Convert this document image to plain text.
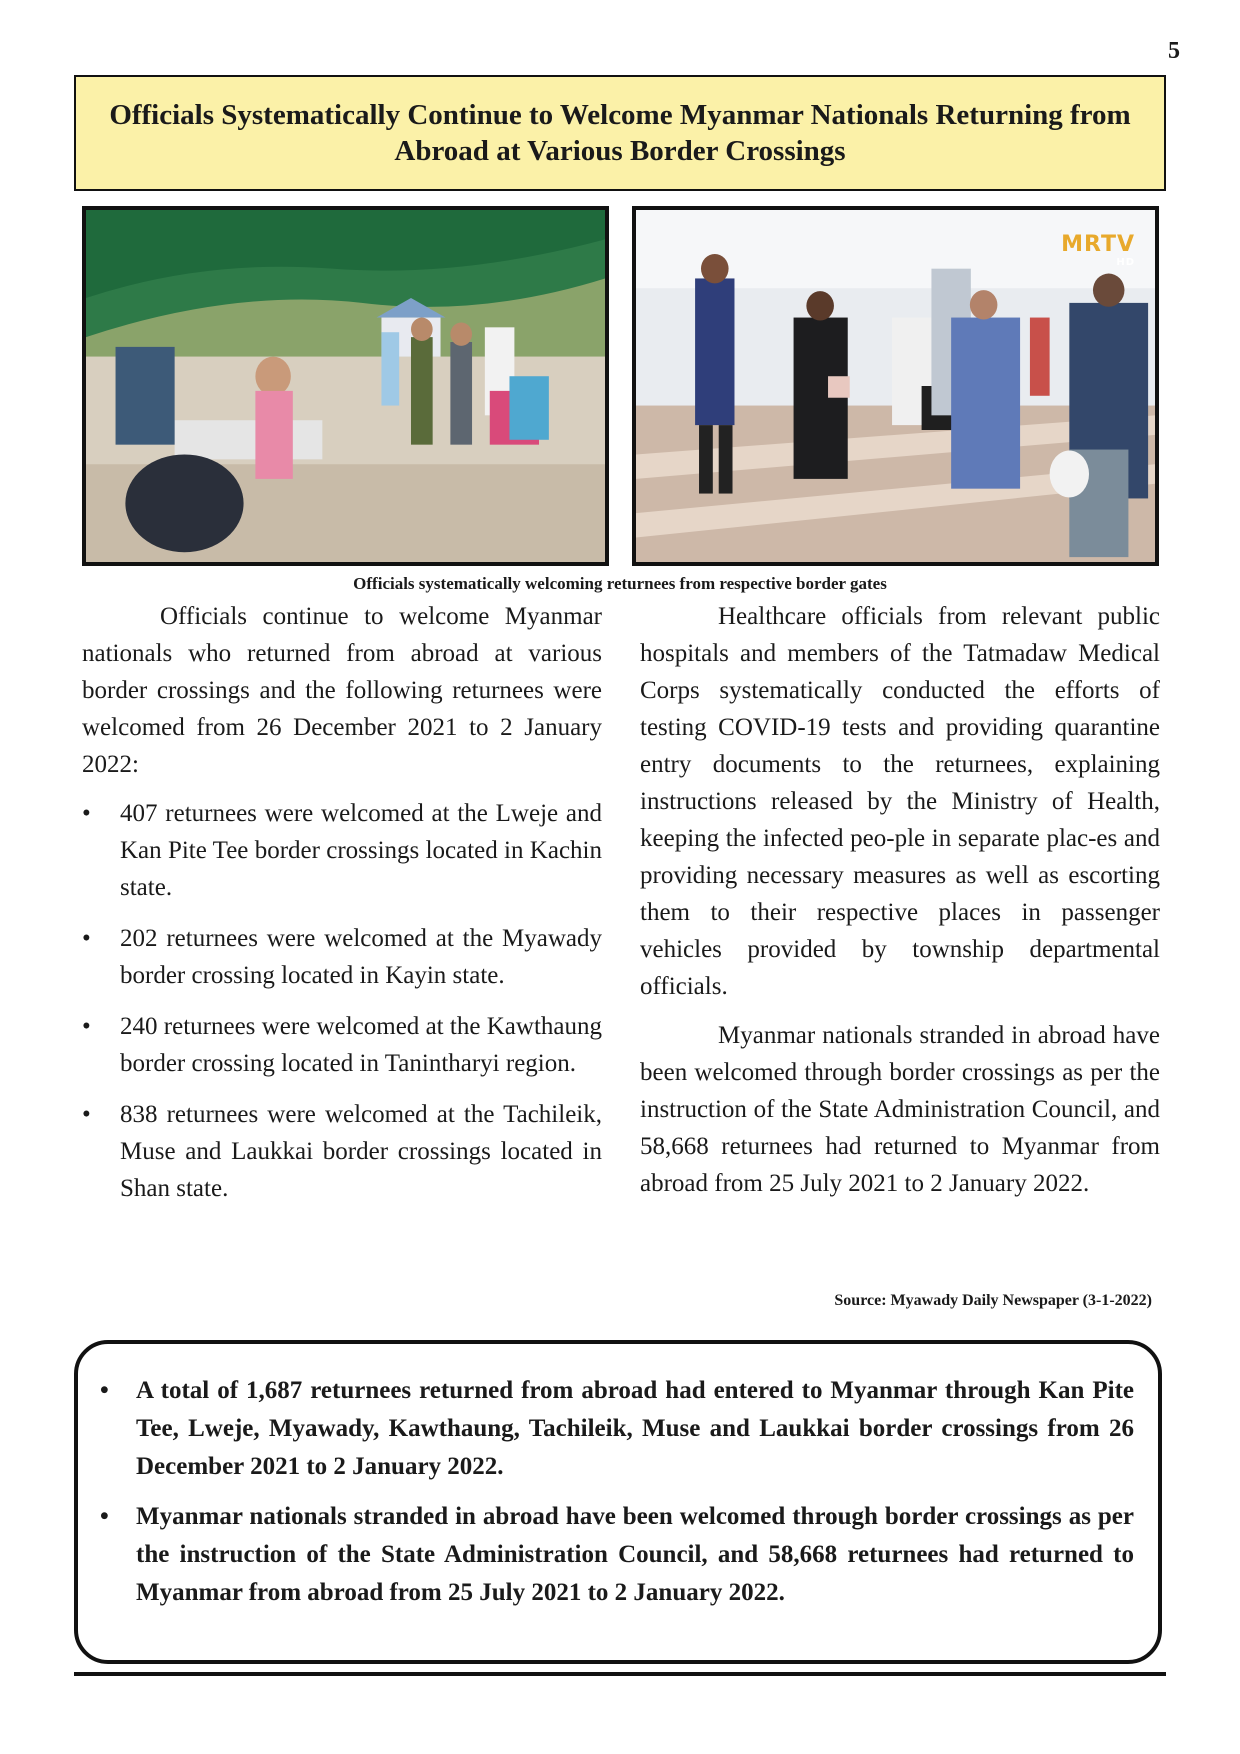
5
Officials Systematically Continue to Welcome Myanmar Nationals Returning from Abroad at Various Border Crossings
MRTV
HD
Officials systematically welcoming returnees from respective border gates

Officials continue to welcome Myanmar nationals who returned from abroad at various border crossings and the following returnees were welcomed from 26 December 2021 to 2 January 2022:

• 407 returnees were welcomed at the Lweje and Kan Pite Tee border crossings located in Kachin state.
• 202 returnees were welcomed at the Myawady border crossing located in Kayin state.
• 240 returnees were welcomed at the Kawthaung border crossing located in Tanintharyi region.
• 838 returnees were welcomed at the Tachileik, Muse and Laukkai border crossings located in Shan state.

Healthcare officials from relevant public hospitals and members of the Tatmadaw Medical Corps systematically conducted the efforts of testing COVID-19 tests and providing quarantine entry documents to the returnees, explaining instructions released by the Ministry of Health, keeping the infected peo-ple in separate plac-es and providing necessary measures as well as escorting them to their respective places in passenger vehicles provided by township departmental officials.

Myanmar nationals stranded in abroad have been welcomed through border crossings as per the instruction of the State Administration Council, and 58,668 returnees had returned to Myanmar from abroad from 25 July 2021 to 2 January 2022.

Source: Myawady Daily Newspaper (3-1-2022)
• A total of 1,687 returnees returned from abroad had entered to Myanmar through Kan Pite Tee, Lweje, Myawady, Kawthaung, Tachileik, Muse and Laukkai border crossings from 26 December 2021 to 2 January 2022.
• Myanmar nationals stranded in abroad have been welcomed through border crossings as per the instruction of the State Administration Council, and 58,668 returnees had returned to Myanmar from abroad from 25 July 2021 to 2 January 2022.
